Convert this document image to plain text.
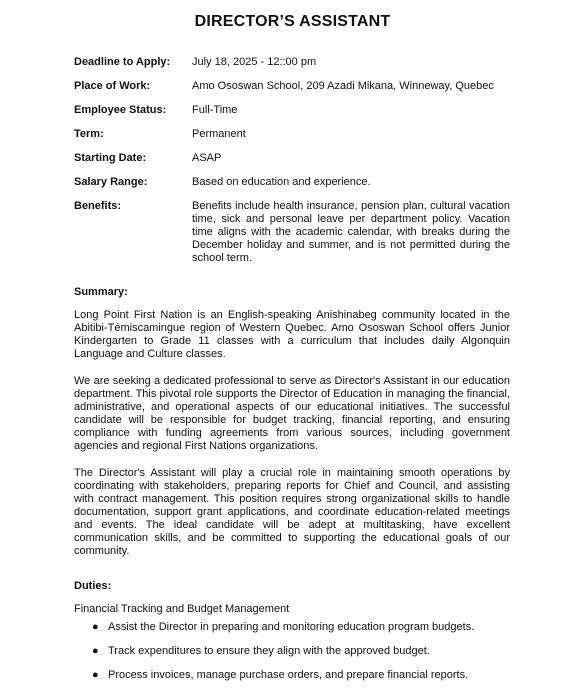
DIRECTOR’S ASSISTANT
Deadline to Apply:	July 18, 2025 - 12::00 pm
Place of Work:	Amo Ososwan School, 209 Azadi Mikana, Winneway, Quebec
Employee Status:	Full-Time
Term:	Permanent
Starting Date:	ASAP
Salary Range:	Based on education and experience.
Benefits:	Benefits include health insurance, pension plan, cultural vacation time, sick and personal leave per department policy. Vacation time aligns with the academic calendar, with breaks during the December holiday and summer, and is not permitted during the school term.
Summary:

Long Point First Nation is an English-speaking Anishinabeg community located in the Abitibi-Témiscamingue region of Western Quebec. Amo Ososwan School offers Junior Kindergarten to Grade 11 classes with a curriculum that includes daily Algonquin Language and Culture classes.

We are seeking a dedicated professional to serve as Director's Assistant in our education department. This pivotal role supports the Director of Education in managing the financial, administrative, and operational aspects of our educational initiatives. The successful candidate will be responsible for budget tracking, financial reporting, and ensuring compliance with funding agreements from various sources, including government agencies and regional First Nations organizations.

The Director's Assistant will play a crucial role in maintaining smooth operations by coordinating with stakeholders, preparing reports for Chief and Council, and assisting with contract management. This position requires strong organizational skills to handle documentation, support grant applications, and coordinate education-related meetings and events. The ideal candidate will be adept at multitasking, have excellent communication skills, and be committed to supporting the educational goals of our community.

Duties:
Financial Tracking and Budget Management
● Assist the Director in preparing and monitoring education program budgets.
● Track expenditures to ensure they align with the approved budget.
● Process invoices, manage purchase orders, and prepare financial reports.
